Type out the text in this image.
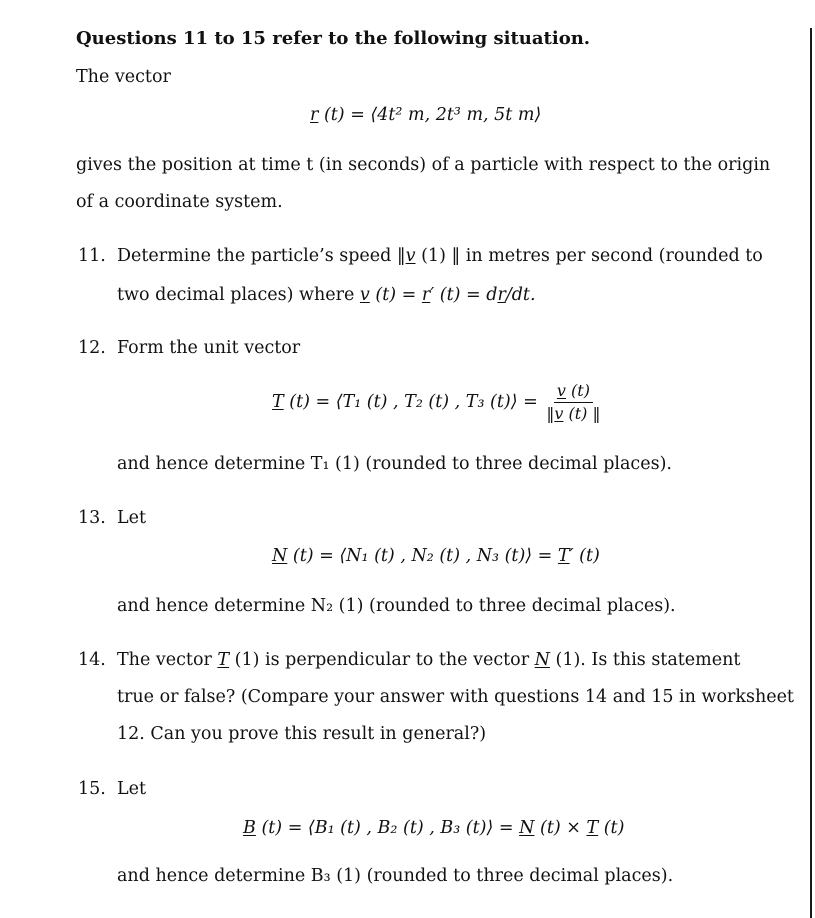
Questions 11 to 15 refer to the following situation.

The vector

r (t) = ⟨4t² m, 2t³ m, 5t m⟩

gives the position at time t (in seconds) of a particle with respect to the origin

of a coordinate system.

11. Determine the particle’s speed ‖v (1) ‖ in metres per second (rounded to

two decimal places) where v (t) = r′ (t) = dr/dt.

12. Form the unit vector

T (t) = ⟨T₁ (t) , T₂ (t) , T₃ (t)⟩ = $\frac{v (t)}{‖v (t) ‖}$

and hence determine T₁ (1) (rounded to three decimal places).

13. Let

N (t) = ⟨N₁ (t) , N₂ (t) , N₃ (t)⟩ = T′ (t)

and hence determine N₂ (1) (rounded to three decimal places).

14. The vector T (1) is perpendicular to the vector N (1). Is this statement

true or false? (Compare your answer with questions 14 and 15 in worksheet

12. Can you prove this result in general?)

15. Let

B (t) = ⟨B₁ (t) , B₂ (t) , B₃ (t)⟩ = N (t) × T (t)

and hence determine B₃ (1) (rounded to three decimal places).
